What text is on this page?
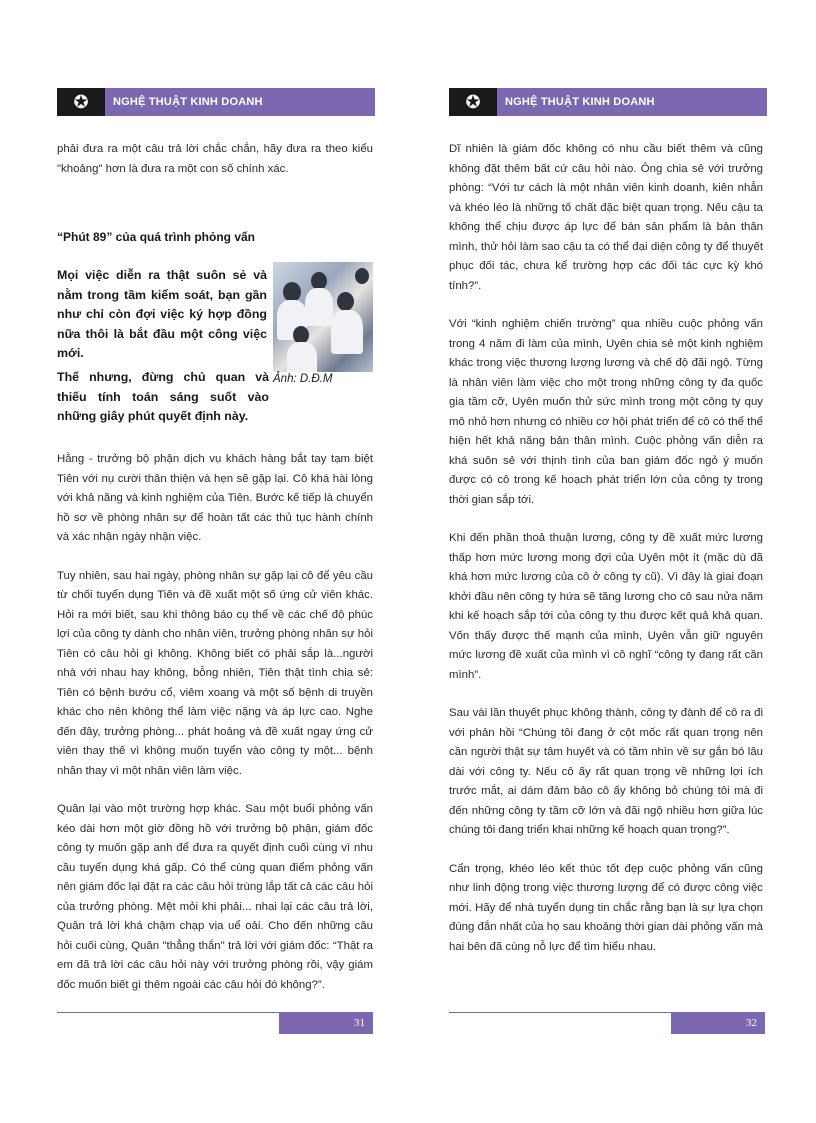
✪	NGHỆ THUẬT KINH DOANH

phải đưa ra một câu trả lời chắc chắn, hãy đưa ra theo kiểu "khoảng" hơn là đưa ra một con số chính xác.

“Phút 89” của quá trình phỏng vấn
Mọi việc diễn ra thật suôn sẻ và nằm trong tầm kiểm soát, bạn gần như chỉ còn đợi việc ký hợp đồng nữa thôi là bắt đầu một công việc mới.
Ảnh: D.Đ.M
Thế nhưng, đừng chủ quan và thiếu tính toán sáng suốt vào những giây phút quyết định này.

Hằng - trưởng bộ phận dịch vụ khách hàng bắt tay tạm biệt Tiên với nụ cười thân thiện và hẹn sẽ gặp lại. Cô khá hài lòng với khả năng và kinh nghiệm của Tiên. Bước kế tiếp là chuyển hồ sơ về phòng nhân sự để hoàn tất các thủ tục hành chính và xác nhận ngày nhận việc.

Tuy nhiên, sau hai ngày, phòng nhân sự gặp lại cô để yêu cầu từ chối tuyển dụng Tiên và đề xuất một số ứng cử viên khác. Hỏi ra mới biết, sau khi thông báo cụ thể về các chế độ phúc lợi của công ty dành cho nhân viên, trưởng phòng nhân sự hỏi Tiên có câu hỏi gì không. Không biết có phải sắp là...người nhà với nhau hay không, bỗng nhiên, Tiên thật tình chia sẻ: Tiên có bệnh bướu cổ, viêm xoang và một số bệnh di truyền khác cho nên không thể làm việc nặng và áp lực cao. Nghe đến đây, trưởng phòng... phát hoảng và đề xuất ngay ứng cử viên thay thế vì không muốn tuyển vào công ty một... bệnh nhân thay vì một nhân viên làm việc.

Quân lại vào một trường hợp khác. Sau một buổi phỏng vấn kéo dài hơn một giờ đồng hồ với trưởng bộ phận, giám đốc công ty muốn gặp anh để đưa ra quyết định cuối cùng vì nhu cầu tuyển dụng khá gấp. Có thể cùng quan điểm phỏng vấn nên giám đốc lại đặt ra các câu hỏi trùng lắp tất cả các câu hỏi của trưởng phòng. Mệt mỏi khi phải... nhai lại các câu trả lời, Quân trả lời khá chậm chạp vịa uể oải. Cho đến những câu hỏi cuối cùng, Quân "thẳng thắn" trả lời với giám đốc: “Thật ra em đã trả lời các câu hỏi này với trưởng phòng rồi, vậy giám đốc muốn biết gì thêm ngoài các câu hỏi đó không?”.

31
✪	NGHỆ THUẬT KINH DOANH

Dĩ nhiên là giám đốc không có nhu cầu biết thêm và cũng không đặt thêm bất cứ câu hỏi nào. Ông chia sẻ với trưởng phòng: “Với tư cách là một nhân viên kinh doanh, kiên nhẫn và khéo léo là những tố chất đặc biệt quan trọng. Nếu cậu ta không thể chịu được áp lực để bán sản phẩm là bản thân mình, thử hỏi làm sao cậu ta có thể đại diện công ty để thuyết phục đối tác, chưa kể trường hợp các đối tác cực kỳ khó tính?”.

Với “kinh nghiệm chiến trường” qua nhiều cuộc phỏng vấn trong 4 năm đi làm của mình, Uyên chia sẻ một kinh nghiệm khác trong việc thương lượng lương và chế độ đãi ngộ. Từng là nhân viên làm việc cho một trong những công ty đa quốc gia tầm cỡ, Uyên muốn thử sức mình trong một công ty quy mô nhỏ hơn nhưng có nhiều cơ hội phát triển để cô có thể thể hiện hết khả năng bản thân mình. Cuộc phỏng vấn diễn ra khá suôn sẻ với thịnh tình của ban giám đốc ngỏ ý muốn được có cô trong kế hoạch phát triển lớn của công ty trong thời gian sắp tới.

Khi đến phần thoả thuận lương, công ty đề xuất mức lương thấp hơn mức lương mong đợi của Uyên một ít (mặc dù đã khá hơn mức lương của cô ở công ty cũ). Vì đây là giai đoạn khởi đầu nên công ty hứa sẽ tăng lương cho cô sau nửa năm khi kế hoạch sắp tới của công ty thu được kết quả khả quan. Vốn thấy được thế mạnh của mình, Uyên vẫn giữ nguyên mức lương đề xuất của mình vì cô nghĩ “công ty đang rất cần mình”.

Sau vài lần thuyết phục không thành, công ty đành để cô ra đi với phản hồi “Chúng tôi đang ở cột mốc rất quan trọng nên cần người thật sự tâm huyết và có tầm nhìn về sự gắn bó lâu dài với công ty. Nếu cô ấy rất quan trọng về những lợi ích trước mắt, ai dám đảm bảo cô ấy không bỏ chúng tôi mà đi đến những công ty tầm cỡ lớn và đãi ngộ nhiều hơn giữa lúc chúng tôi đang triển khai những kế hoạch quan trọng?”.

Cẩn trọng, khéo léo kết thúc tốt đẹp cuộc phỏng vấn cũng như linh động trong việc thương lượng để có được công việc mới. Hãy để nhà tuyển dụng tin chắc rằng bạn là sự lựa chọn đúng đắn nhất của họ sau khoảng thời gian dài phỏng vấn mà hai bên đã cùng nỗ lực để tìm hiểu nhau.

32
